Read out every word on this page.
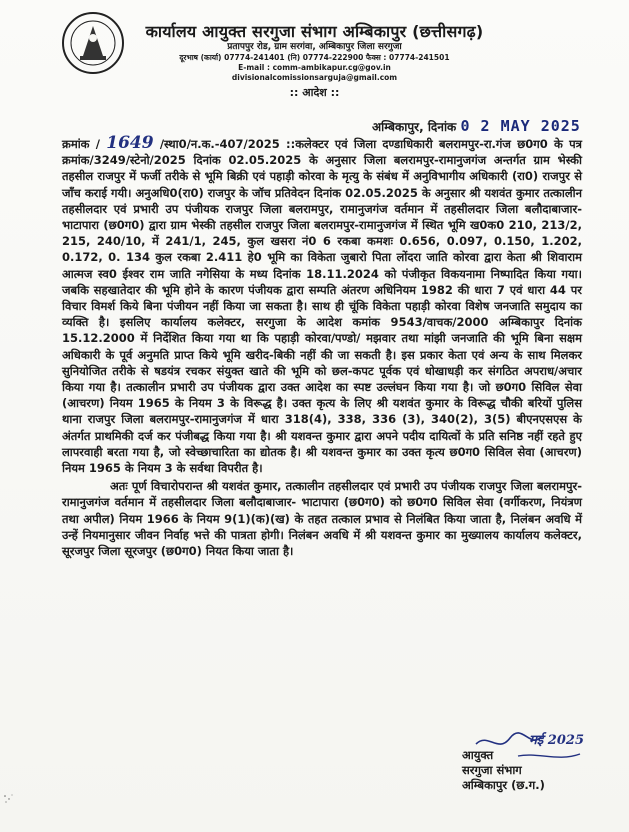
कार्यालय आयुक्त सरगुजा संभाग अम्बिकापुर (छत्तीसगढ़)
प्रतापपुर रोड, ग्राम सरगंवा, अम्बिकापुर जिला सरगुजा
दूरभाष (कार्या) 07774-241401 (नि) 07774-222900 फैक्स : 07774-241501
E-mail : comm-ambikapur.cg@gov.in
divisionalcomissionsarguja@gmail.com
:: आदेश ::
अम्बिकापुर, दिनांक 0 2 MAY 2025

क्रमांक / 1649 /स्था0/न.क.-407/2025 ::कलेक्टर एवं जिला दण्डाधिकारी बलरामपुर-रा.गंज छ0ग0 के पत्र क्रमांक/3249/स्टेनो/2025 दिनांक 02.05.2025 के अनुसार जिला बलरामपुर-रामानुजगंज अन्तर्गत ग्राम भेस्की तहसील राजपुर में फर्जी तरीके से भूमि बिक्री एवं पहाड़ी कोरवा के मृत्यु के संबंध में अनुविभागीय अधिकारी (रा0) राजपुर से जाँच कराई गयी। अनुअधि0(रा0) राजपुर के जॉच प्रतिवेदन दिनांक 02.05.2025 के अनुसार श्री यशवंत कुमार तत्कालीन तहसीलदार एवं प्रभारी उप पंजीयक राजपुर जिला बलरामपुर, रामानुजगंज वर्तमान में तहसीलदार जिला बलौदाबाजार- भाटापारा (छ0ग0) द्वारा ग्राम भेस्की तहसील राजपुर जिला बलरामपुर-रामानुजगंज में स्थित भूमि ख0क0 210, 213/2, 215, 240/10, में 241/1, 245, कुल खसरा नं0 6 रकबा कमशः 0.656, 0.097, 0.150, 1.202, 0.172, 0. 134 कुल रकबा 2.411 हे0 भूमि का विकेता जुबारो पिता लोंदरा जाति कोरवा द्वारा केता श्री शिवाराम आत्मज स्व0 ईश्वर राम जाति नगेसिया के मध्य दिनांक 18.11.2024 को पंजीकृत विकयनामा निष्पादित किया गया। जबकि सहखातेदार की भूमि होने के कारण पंजीयक द्वारा सम्पति अंतरण अधिनियम 1982 की धारा 7 एवं धारा 44 पर विचार विमर्श किये बिना पंजीयन नहीं किया जा सकता है। साथ ही चूंकि विकेता पहाड़ी कोरवा विशेष जनजाति समुदाय का व्यक्ति है। इसलिए कार्यालय कलेक्टर, सरगुजा के आदेश कमांक 9543/वाचक/2000 अम्बिकापुर दिनांक 15.12.2000 में निर्देशित किया गया था कि पहाड़ी कोरवा/पण्डो/ मझवार तथा मांझी जनजाति की भूमि बिना सक्षम अधिकारी के पूर्व अनुमति प्राप्त किये भूमि खरीद-बिकी नहीं की जा सकती है। इस प्रकार केता एवं अन्य के साथ मिलकर सुनियोजित तरीके से षडयंत्र रचकर संयुक्त खाते की भूमि को छल-कपट पूर्वक एवं धोखाधड़ी कर संगठित अपराध/अचार किया गया है। तत्कालीन प्रभारी उप पंजीयक द्वारा उक्त आदेश का स्पष्ट उल्लंघन किया गया है। जो छ0ग0 सिविल सेवा (आचरण) नियम 1965 के नियम 3 के विरूद्ध है। उक्त कृत्य के लिए श्री यशवंत कुमार के विरूद्ध चौकी बरियों पुलिस थाना राजपुर जिला बलरामपुर-रामानुजगंज में धारा 318(4), 338, 336 (3), 340(2), 3(5) बीएनएसएस के अंतर्गत प्राथमिकी दर्ज कर पंजीबद्ध किया गया है। श्री यशवन्त कुमार द्वारा अपने पदीय दायित्वों के प्रति सनिष्ठ नहीं रहते हुए लापरवाही बरता गया है, जो स्वेच्छाचारिता का द्योतक है। श्री यशवन्त कुमार का उक्त कृत्य छ0ग0 सिविल सेवा (आचरण) नियम 1965 के नियम 3 के सर्वथा विपरीत है।

अतः पूर्ण विचारोपरान्त श्री यशवंत कुमार, तत्कालीन तहसीलदार एवं प्रभारी उप पंजीयक राजपुर जिला बलरामपुर- रामानुजगंज वर्तमान में तहसीलदार जिला बलौदाबाजार- भाटापारा (छ0ग0) को छ0ग0 सिविल सेवा (वर्गीकरण, नियंत्रण तथा अपील) नियम 1966 के नियम 9(1)(क)(ख) के तहत तत्काल प्रभाव से निलंबित किया जाता है, निलंबन अवधि में उन्हें नियमानुसार जीवन निर्वाह भत्ते की पात्रता होगी। निलंबन अवधि में श्री यशवन्त कुमार का मुख्यालय कार्यालय कलेक्टर, सूरजपुर जिला सूरजपुर (छ0ग0) नियत किया जाता है।

मई 2025
आयुक्त
सरगुजा संभाग
अम्बिकापुर (छ.ग.)
